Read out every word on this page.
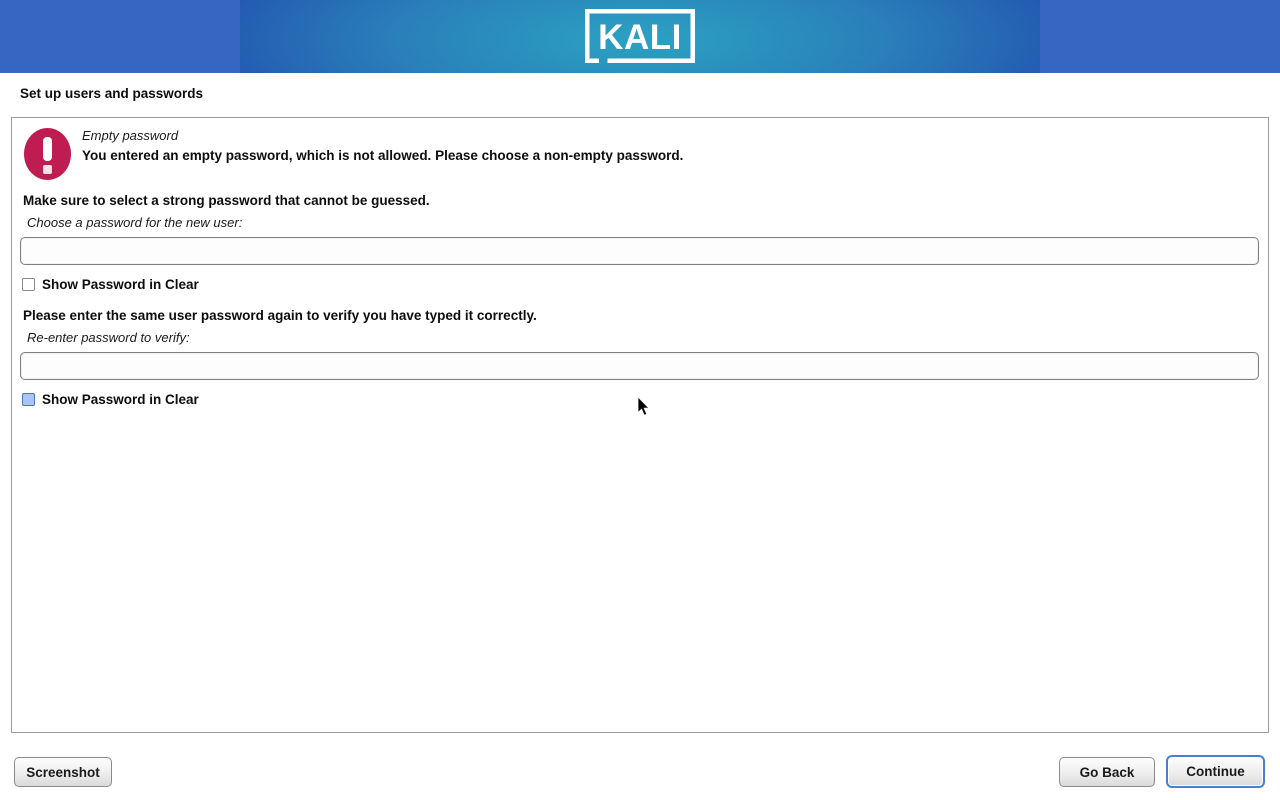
KALI
Set up users and passwords
Empty password
You entered an empty password, which is not allowed. Please choose a non-empty password.
Make sure to select a strong password that cannot be guessed.
Choose a password for the new user:
Show Password in Clear
Please enter the same user password again to verify you have typed it correctly.
Re-enter password to verify:
Show Password in Clear
Screenshot	Go Back	Continue
